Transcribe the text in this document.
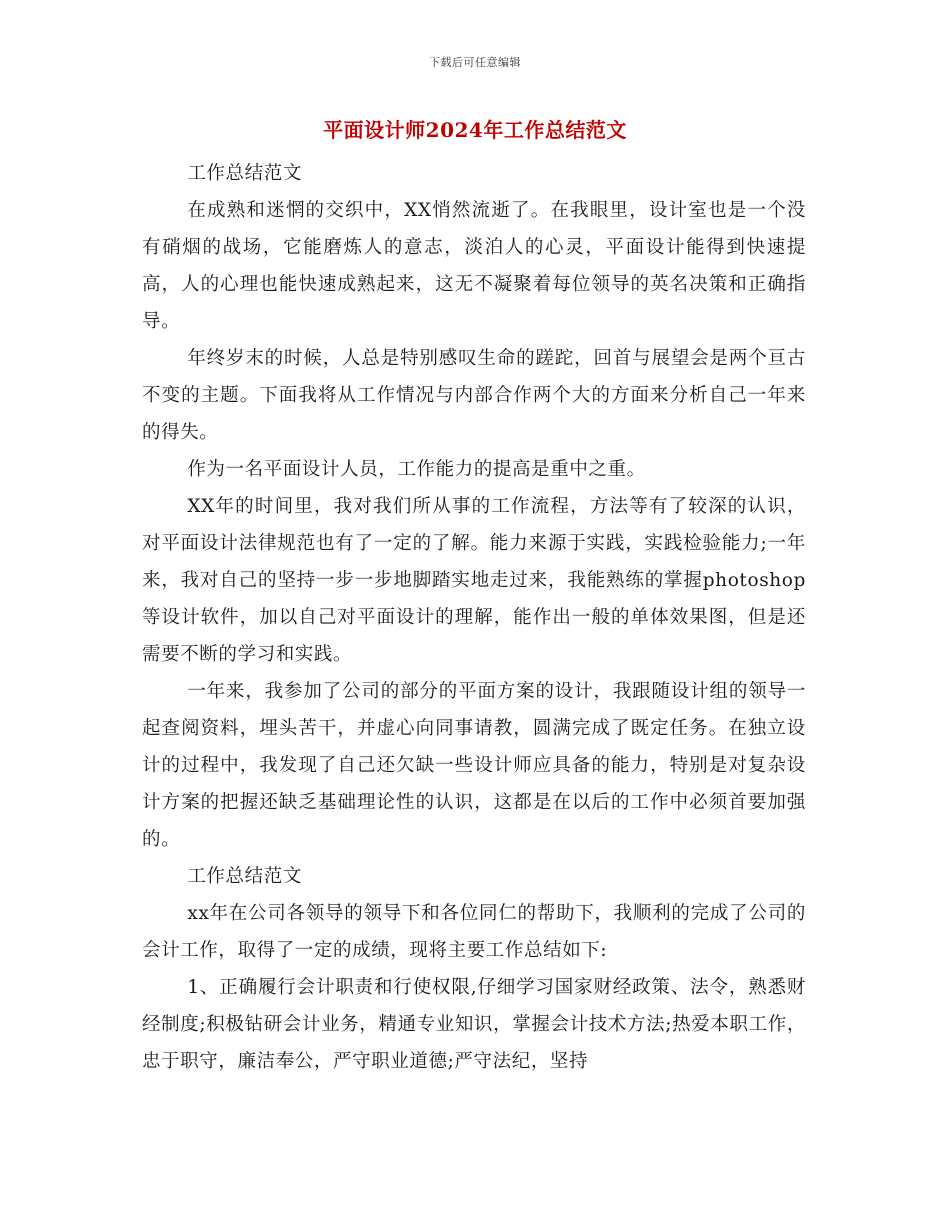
下载后可任意编辑
平面设计师2024年工作总结范文

工作总结范文

在成熟和迷惘的交织中，XX悄然流逝了。在我眼里，设计室也是一个没有硝烟的战场，它能磨炼人的意志，淡泊人的心灵，平面设计能得到快速提高，人的心理也能快速成熟起来，这无不凝聚着每位领导的英名决策和正确指导。

年终岁末的时候，人总是特别感叹生命的蹉跎，回首与展望会是两个亘古不变的主题。下面我将从工作情况与内部合作两个大的方面来分析自己一年来的得失。

作为一名平面设计人员，工作能力的提高是重中之重。

XX年的时间里，我对我们所从事的工作流程，方法等有了较深的认识，对平面设计法律规范也有了一定的了解。能力来源于实践，实践检验能力;一年来，我对自己的坚持一步一步地脚踏实地走过来，我能熟练的掌握photoshop等设计软件，加以自己对平面设计的理解，能作出一般的单体效果图，但是还需要不断的学习和实践。

一年来，我参加了公司的部分的平面方案的设计，我跟随设计组的领导一起查阅资料，埋头苦干，并虚心向同事请教，圆满完成了既定任务。在独立设计的过程中，我发现了自己还欠缺一些设计师应具备的能力，特别是对复杂设计方案的把握还缺乏基础理论性的认识，这都是在以后的工作中必须首要加强的。

工作总结范文

xx年在公司各领导的领导下和各位同仁的帮助下，我顺利的完成了公司的会计工作，取得了一定的成绩，现将主要工作总结如下:

1、正确履行会计职责和行使权限,仔细学习国家财经政策、法令，熟悉财经制度;积极钻研会计业务，精通专业知识，掌握会计技术方法;热爱本职工作，忠于职守，廉洁奉公，严守职业道德;严守法纪，坚持
